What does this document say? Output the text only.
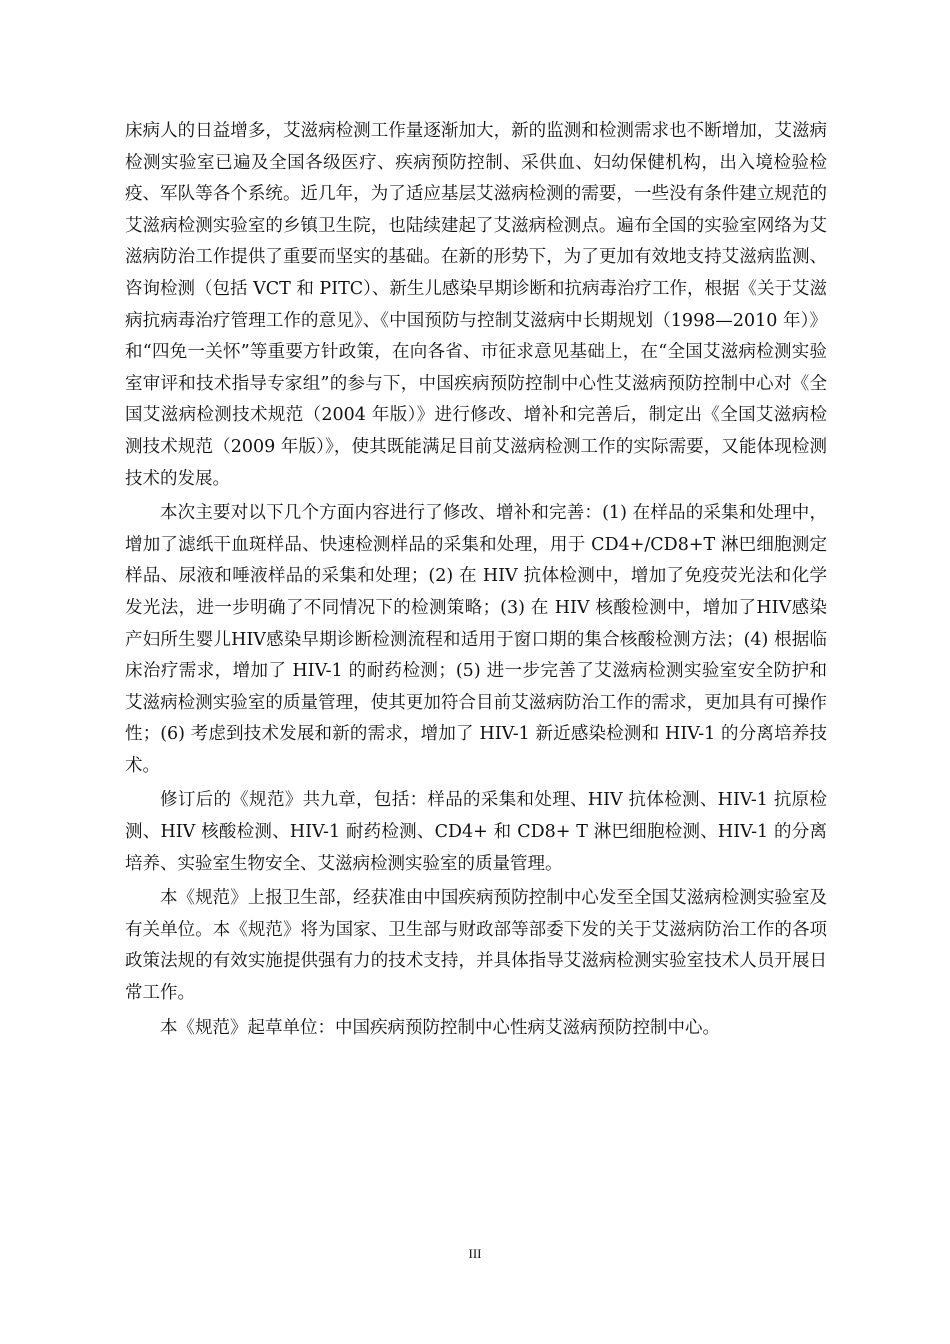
床病人的日益增多，艾滋病检测工作量逐渐加大，新的监测和检测需求也不断增加，艾滋病检测实验室已遍及全国各级医疗、疾病预防控制、采供血、妇幼保健机构，出入境检验检疫、军队等各个系统。近几年，为了适应基层艾滋病检测的需要，一些没有条件建立规范的艾滋病检测实验室的乡镇卫生院，也陆续建起了艾滋病检测点。遍布全国的实验室网络为艾滋病防治工作提供了重要而坚实的基础。在新的形势下，为了更加有效地支持艾滋病监测、咨询检测（包括 VCT 和 PITC）、新生儿感染早期诊断和抗病毒治疗工作，根据《关于艾滋病抗病毒治疗管理工作的意见》、《中国预防与控制艾滋病中长期规划（1998—2010 年）》和“四免一关怀”等重要方针政策，在向各省、市征求意见基础上，在“全国艾滋病检测实验室审评和技术指导专家组”的参与下，中国疾病预防控制中心性艾滋病预防控制中心对《全国艾滋病检测技术规范（2004 年版）》进行修改、增补和完善后，制定出《全国艾滋病检测技术规范（2009 年版）》，使其既能满足目前艾滋病检测工作的实际需要，又能体现检测技术的发展。

本次主要对以下几个方面内容进行了修改、增补和完善：(1) 在样品的采集和处理中，增加了滤纸干血斑样品、快速检测样品的采集和处理，用于 CD4+/CD8+T 淋巴细胞测定样品、尿液和唾液样品的采集和处理；(2) 在 HIV 抗体检测中，增加了免疫荧光法和化学发光法，进一步明确了不同情况下的检测策略；(3) 在 HIV 核酸检测中，增加了HIV感染产妇所生婴儿HIV感染早期诊断检测流程和适用于窗口期的集合核酸检测方法；(4) 根据临床治疗需求，增加了 HIV-1 的耐药检测；(5) 进一步完善了艾滋病检测实验室安全防护和艾滋病检测实验室的质量管理，使其更加符合目前艾滋病防治工作的需求，更加具有可操作性；(6) 考虑到技术发展和新的需求，增加了 HIV-1 新近感染检测和 HIV-1 的分离培养技术。

修订后的《规范》共九章，包括：样品的采集和处理、HIV 抗体检测、HIV-1 抗原检测、HIV 核酸检测、HIV-1 耐药检测、CD4+ 和 CD8+ T 淋巴细胞检测、HIV-1 的分离培养、实验室生物安全、艾滋病检测实验室的质量管理。

本《规范》上报卫生部，经获准由中国疾病预防控制中心发至全国艾滋病检测实验室及有关单位。本《规范》将为国家、卫生部与财政部等部委下发的关于艾滋病防治工作的各项政策法规的有效实施提供强有力的技术支持，并具体指导艾滋病检测实验室技术人员开展日常工作。

本《规范》起草单位：中国疾病预防控制中心性病艾滋病预防控制中心。

III
